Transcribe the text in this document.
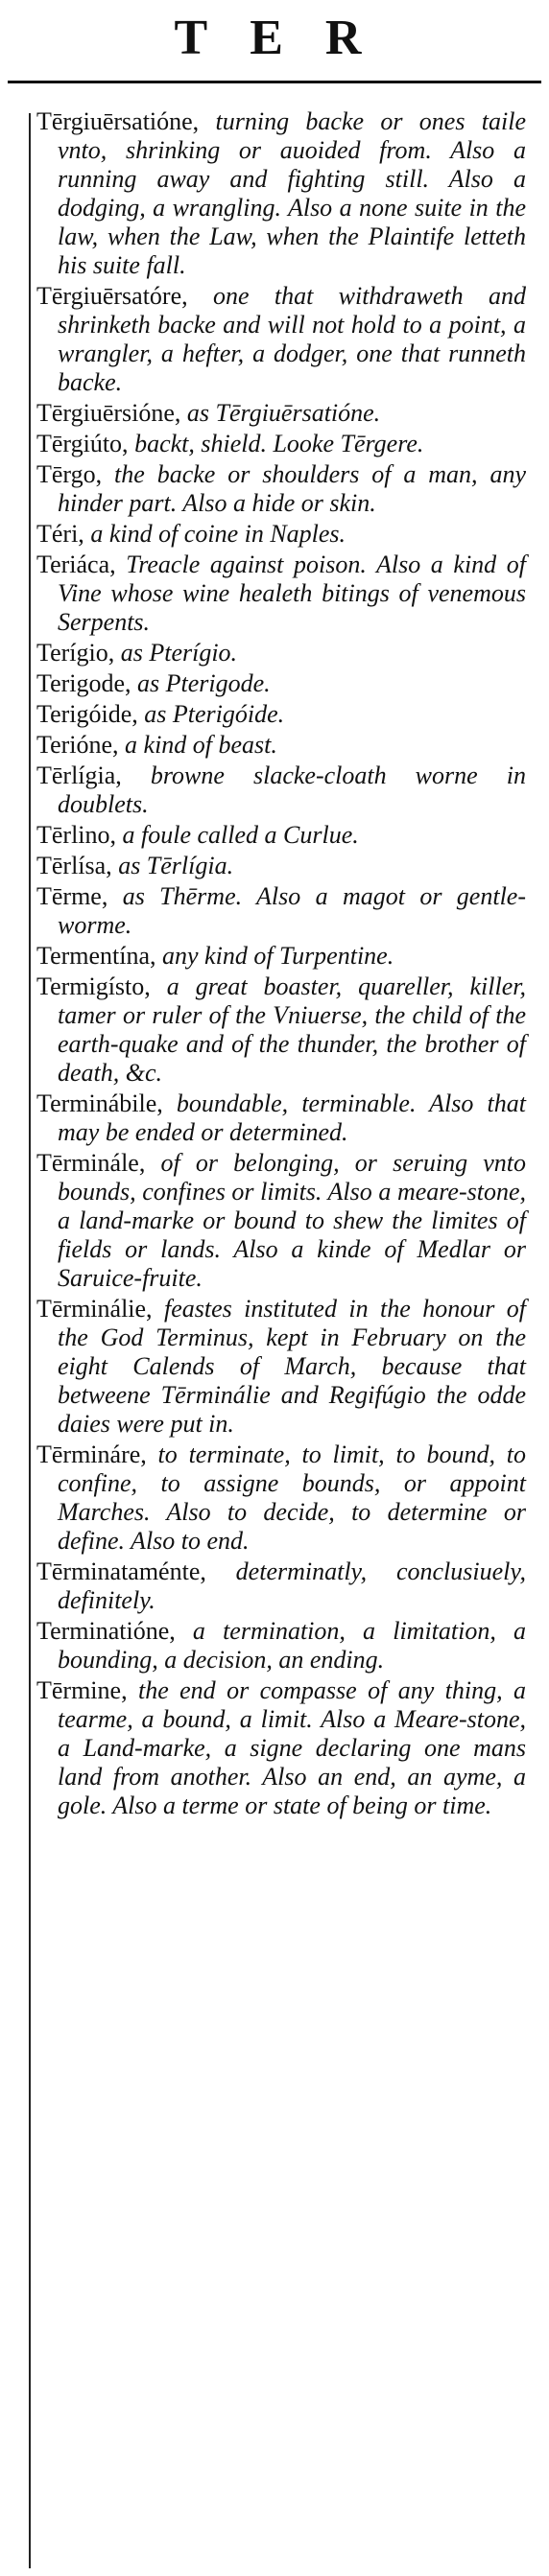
TER

Tērgiuērsatióne, turning backe or ones taile vnto, shrinking or auoided from. Also a running away and fighting still. Also a dodging, a wrangling. Also a none suite in the law, when the Law, when the Plaintife letteth his suite fall.

Tērgiuērsatóre, one that withdraweth and shrinketh backe and will not hold to a point, a wrangler, a hefter, a dodger, one that runneth backe.

Tērgiuērsióne, as Tērgiuērsatióne.

Tērgiúto, backt, shield. Looke Tērgere.

Tērgo, the backe or shoulders of a man, any hinder part. Also a hide or skin.

Téri, a kind of coine in Naples.

Teriáca, Treacle against poison. Also a kind of Vine whose wine healeth bitings of venemous Serpents.

Terígio, as Pterígio.

Terigode, as Pterigode.

Terigóide, as Pterigóide.

Terióne, a kind of beast.

Tērlígia, browne slacke-cloath worne in doublets.

Tērlino, a foule called a Curlue.

Tērlísa, as Tērlígia.

Tērme, as Thērme. Also a magot or gentle-worme.

Termentína, any kind of Turpentine.

Termigísto, a great boaster, quareller, killer, tamer or ruler of the Vniuerse, the child of the earth-quake and of the thunder, the brother of death, &c.

Terminábile, boundable, terminable. Also that may be ended or determined.

Tērminále, of or belonging, or seruing vnto bounds, confines or limits. Also a meare-stone, a land-marke or bound to shew the limites of fields or lands. Also a kinde of Medlar or Saruice-fruite.

Tērminálie, feastes instituted in the honour of the God Terminus, kept in February on the eight Calends of March, because that betweene Tērminálie and Regifúgio the odde daies were put in.

Tērmináre, to terminate, to limit, to bound, to confine, to assigne bounds, or appoint Marches. Also to decide, to determine or define. Also to end.

Tērminataménte, determinatly, conclusiuely, definitely.

Terminatióne, a termination, a limitation, a bounding, a decision, an ending.

Tērmine, the end or compasse of any thing, a tearme, a bound, a limit. Also a Meare-stone, a Land-marke, a signe declaring one mans land from another. Also an end, an ayme, a gole. Also a terme or state of being or time.
